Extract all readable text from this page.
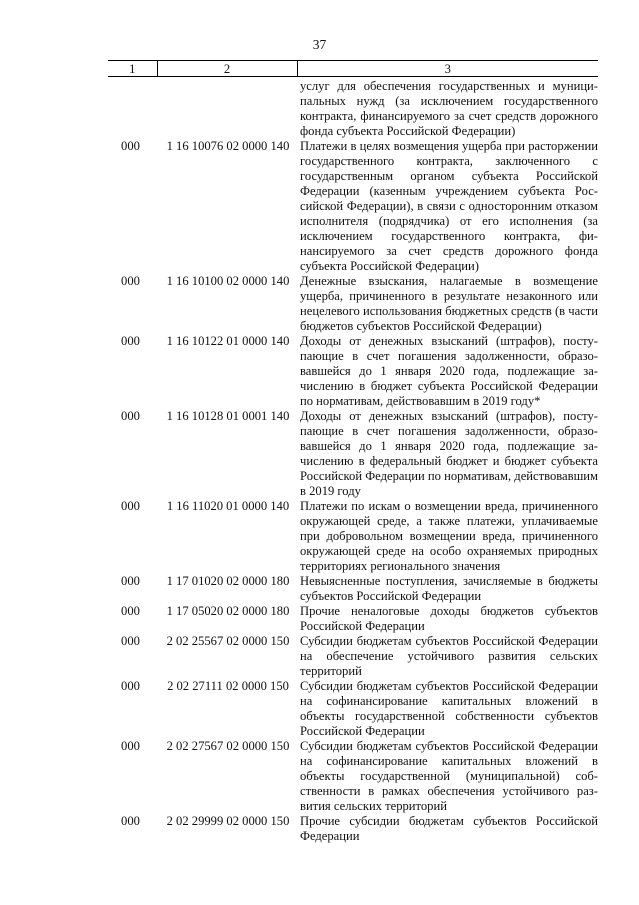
37
1	2	3
		услуг для обеспечения государственных и муниципальных нужд (за исключением государственного контракта, финансируемого за счет средств дорожного фонда субъекта Российской Федерации)
000	1 16 10076 02 0000 140	Платежи в целях возмещения ущерба при расторжении государственного контракта, заключенного с государственным органом субъекта Российской Федерации (казенным учреждением субъекта Российской Федерации), в связи с односторонним отказом исполнителя (подрядчика) от его исполнения (за исключением государственного контракта, финансируемого за счет средств дорожного фонда субъекта Российской Федерации)
000	1 16 10100 02 0000 140	Денежные взыскания, налагаемые в возмещение ущерба, причиненного в результате незаконного или нецелевого использования бюджетных средств (в части бюджетов субъектов Российской Федерации)
000	1 16 10122 01 0000 140	Доходы от денежных взысканий (штрафов), поступающие в счет погашения задолженности, образовавшейся до 1 января 2020 года, подлежащие зачислению в бюджет субъекта Российской Федерации по нормативам, действовавшим в 2019 году*
000	1 16 10128 01 0001 140	Доходы от денежных взысканий (штрафов), поступающие в счет погашения задолженности, образовавшейся до 1 января 2020 года, подлежащие зачислению в федеральный бюджет и бюджет субъекта Российской Федерации по нормативам, действовавшим в 2019 году
000	1 16 11020 01 0000 140	Платежи по искам о возмещении вреда, причиненного окружающей среде, а также платежи, уплачиваемые при добровольном возмещении вреда, причиненного окружающей среде на особо охраняемых природных территориях регионального значения
000	1 17 01020 02 0000 180	Невыясненные поступления, зачисляемые в бюджеты субъектов Российской Федерации
000	1 17 05020 02 0000 180	Прочие неналоговые доходы бюджетов субъектов Российской Федерации
000	2 02 25567 02 0000 150	Субсидии бюджетам субъектов Российской Федерации на обеспечение устойчивого развития сельских территорий
000	2 02 27111 02 0000 150	Субсидии бюджетам субъектов Российской Федерации на софинансирование капитальных вложений в объекты государственной собственности субъектов Российской Федерации
000	2 02 27567 02 0000 150	Субсидии бюджетам субъектов Российской Федерации на софинансирование капитальных вложений в объекты государственной (муниципальной) собственности в рамках обеспечения устойчивого развития сельских территорий
000	2 02 29999 02 0000 150	Прочие субсидии бюджетам субъектов Российской Федерации
